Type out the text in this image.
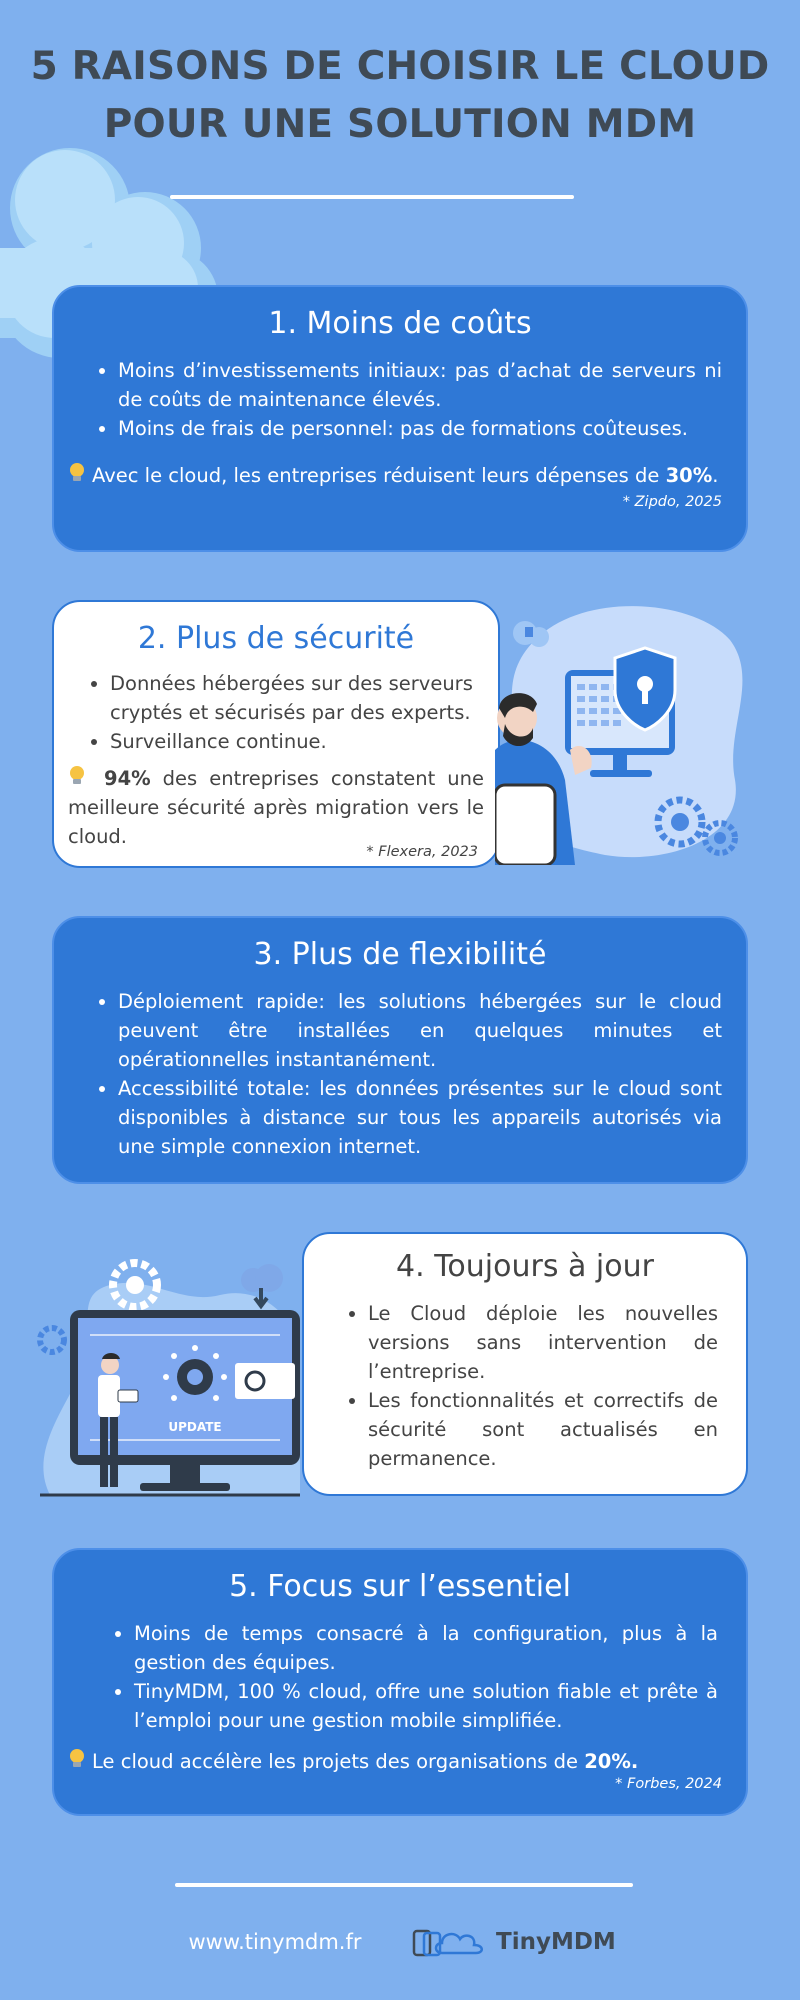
5 RAISONS DE CHOISIR LE CLOUD
POUR UNE SOLUTION MDM
1. Moins de coûts
• Moins d’investissements initiaux: pas d’achat de serveurs ni de coûts de maintenance élevés.
• Moins de frais de personnel: pas de formations coûteuses.
Avec le cloud, les entreprises réduisent leurs dépenses de 30%.
* Zipdo, 2025
2. Plus de sécurité
• Données hébergées sur des serveurs cryptés et sécurisés par des experts.
• Surveillance continue.
94% des entreprises constatent une meilleure sécurité après migration vers le cloud.
* Flexera, 2023
3. Plus de flexibilité
• Déploiement rapide: les solutions hébergées sur le cloud peuvent être installées en quelques minutes et opérationnelles instantanément.
• Accessibilité totale: les données présentes sur le cloud sont disponibles à distance sur tous les appareils autorisés via une simple connexion internet.
UPDATE
4. Toujours à jour
• Le Cloud déploie les nouvelles versions sans intervention de l’entreprise.
• Les fonctionnalités et correctifs de sécurité sont actualisés en permanence.
5. Focus sur l’essentiel
• Moins de temps consacré à la configuration, plus à la gestion des équipes.
• TinyMDM, 100 % cloud, offre une solution fiable et prête à l’emploi pour une gestion mobile simplifiée.
Le cloud accélère les projets des organisations de 20%.
* Forbes, 2024
www.tinymdm.fr	TinyMDM
